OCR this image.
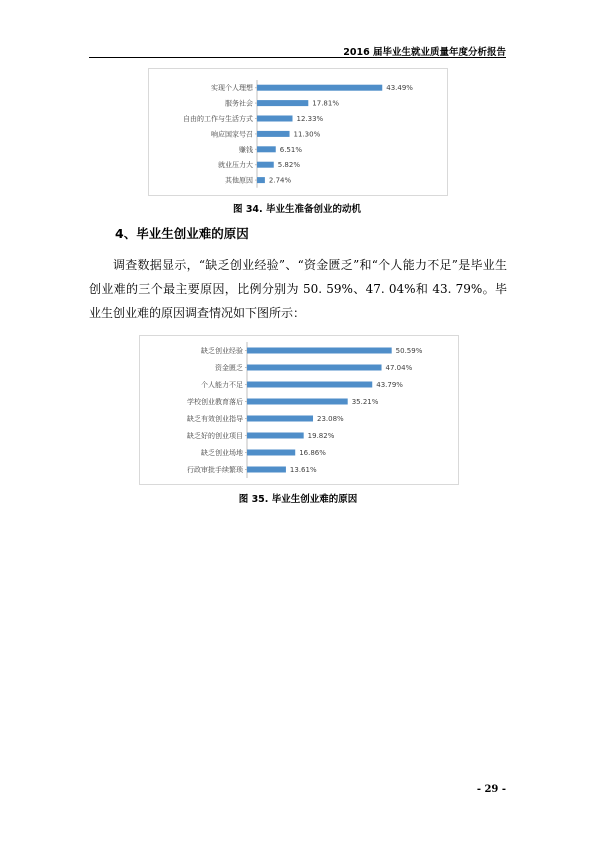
2016 届毕业生就业质量年度分析报告
实现个人理想	43.49%
服务社会	17.81%
自由的工作与生活方式	12.33%
响应国家号召	11.30%
赚钱	6.51%
就业压力大	5.82%
其他原因 2.74%
图 34. 毕业生准备创业的动机
4、毕业生创业难的原因
调查数据显示，“缺乏创业经验”、“资金匮乏”和“个人能力不足”是毕业生创业难的三个最主要原因，比例分别为 50. 59%、47. 04%和 43. 79%。毕业生创业难的原因调查情况如下图所示：
缺乏创业经验	50.59%
资金匮乏	47.04%
个人能力不足	43.79%
学校创业教育落后	35.21%
缺乏有效创业指导	23.08%
缺乏好的创业项目	19.82%
缺乏创业场地	16.86%
行政审批手续繁琐	13.61%
图 35. 毕业生创业难的原因
- 29 -
